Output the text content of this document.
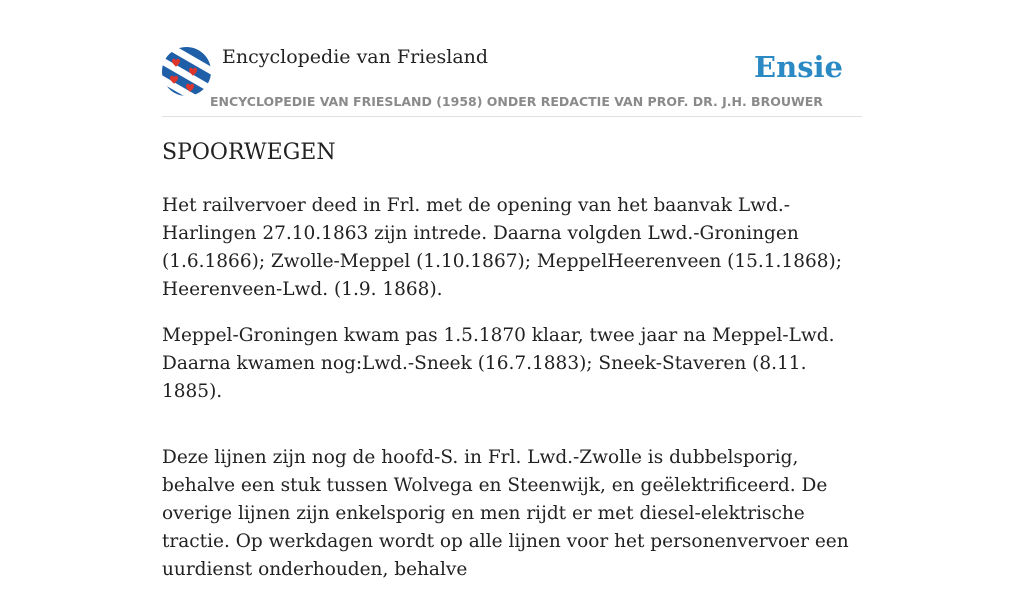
Encyclopedie van Friesland	Ensie
ENCYCLOPEDIE VAN FRIESLAND (1958) ONDER REDACTIE VAN PROF. DR. J.H. BROUWER
SPOORWEGEN

Het railvervoer deed in Frl. met de opening van het baanvak Lwd.-Harlingen 27.10.1863 zijn intrede. Daarna volgden Lwd.-Groningen (1.6.1866); Zwolle-Meppel (1.10.1867); MeppelHeerenveen (15.1.1868); Heerenveen-Lwd. (1.9. 1868).

Meppel-Groningen kwam pas 1.5.1870 klaar, twee jaar na Meppel-Lwd. Daarna kwamen nog:Lwd.-Sneek (16.7.1883); Sneek-Staveren (8.11. 1885).

Deze lijnen zijn nog de hoofd-S. in Frl. Lwd.-Zwolle is dubbelsporig, behalve een stuk tussen Wolvega en Steenwijk, en geëlektrificeerd. De overige lijnen zijn enkelsporig en men rijdt er met diesel-elektrische tractie. Op werkdagen wordt op alle lijnen voor het personenvervoer een uurdienst onderhouden, behalve
